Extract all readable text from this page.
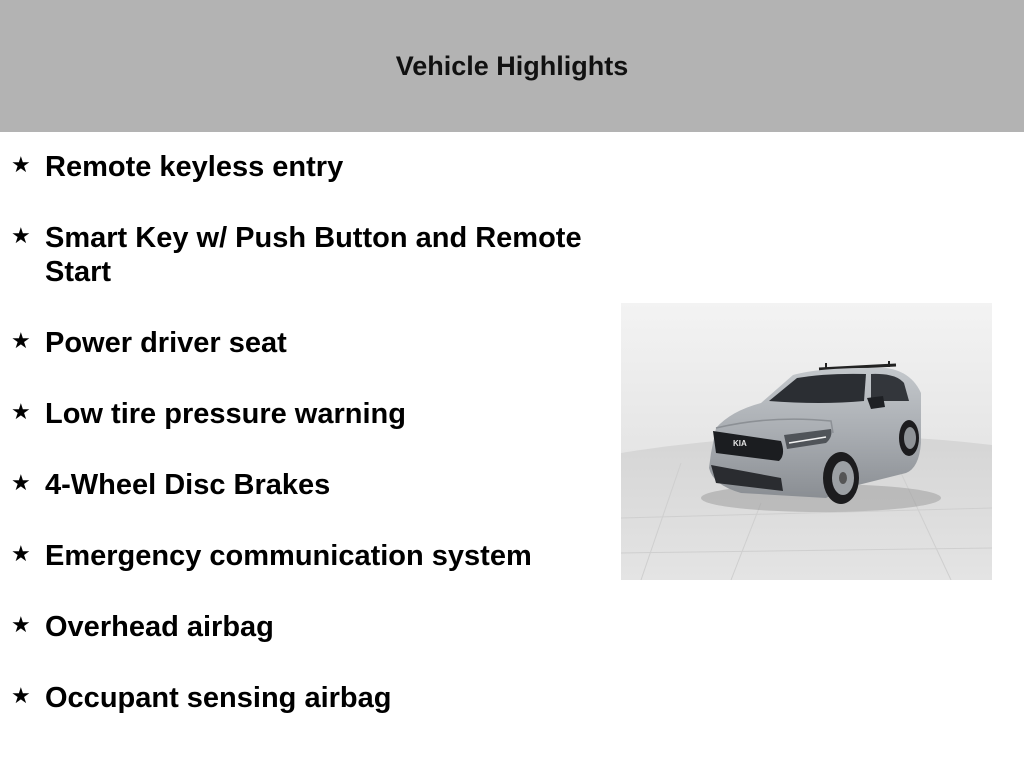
Vehicle Highlights
★ Remote keyless entry
★ Smart Key w/ Push Button and Remote Start
★ Power driver seat
★ Low tire pressure warning
★ 4-Wheel Disc Brakes
★ Emergency communication system
★ Overhead airbag
★ Occupant sensing airbag
KIA
